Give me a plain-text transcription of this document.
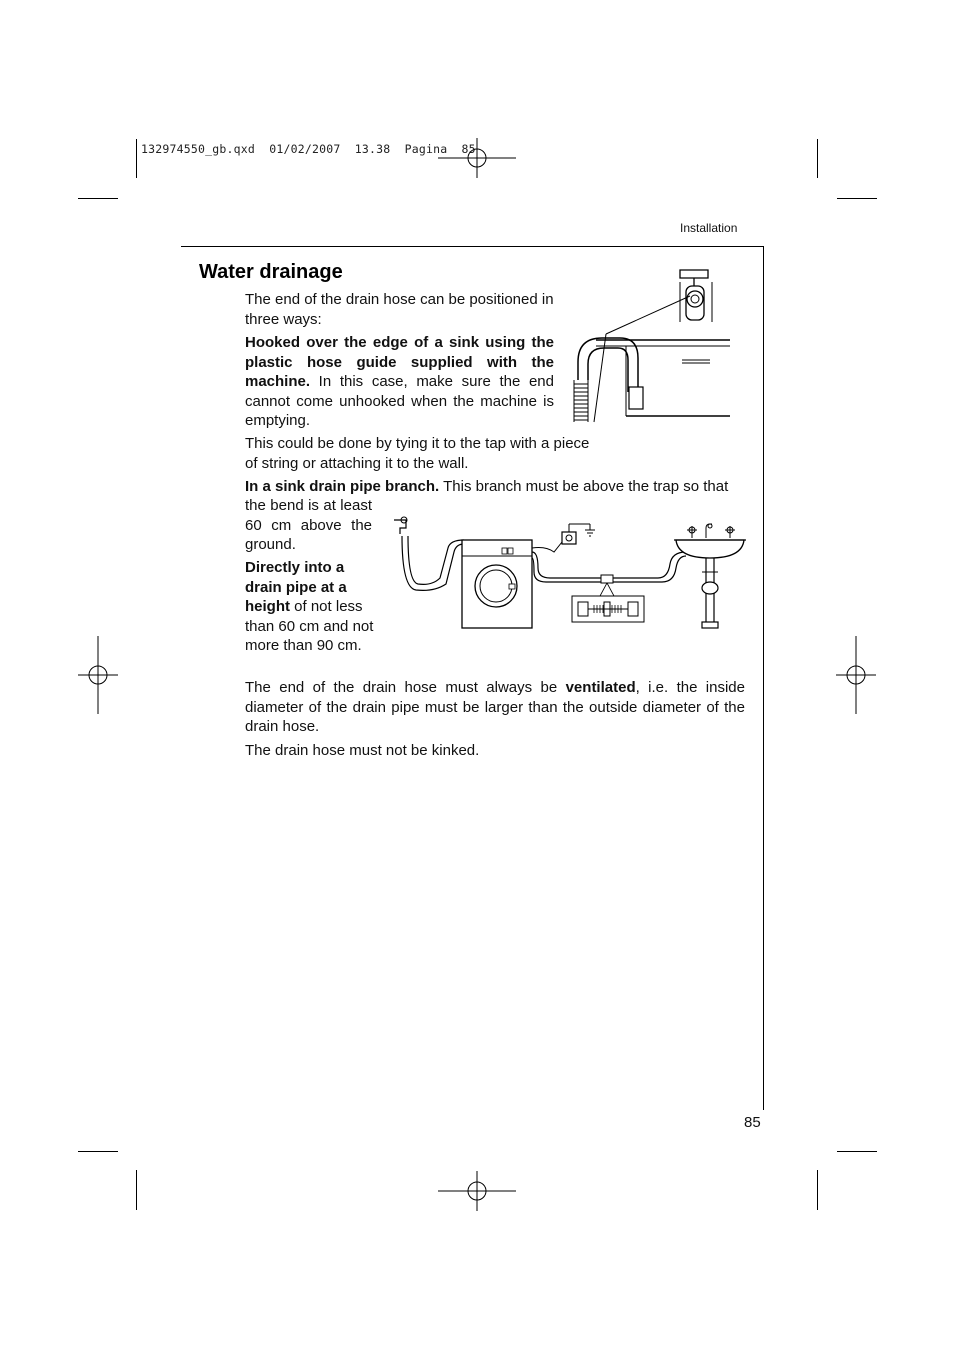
132974550_gb.qxd  01/02/2007  13.38  Pagina  85
Installation
Water drainage
The end of the drain hose can be positioned in three ways:
Hooked over the edge of a sink using the plastic hose guide supplied with the machine. In this case, make sure the end cannot come unhooked when the machine is emptying.
This could be done by tying it to the tap with a piece of string or attaching it to the wall.
In a sink drain pipe branch. This branch must be above the trap so that
the bend is at least 60 cm above the ground.
Directly into a drain pipe at a height of not less than 60 cm and not more than 90 cm.
The end of the drain hose must always be ventilated, i.e. the inside diameter of the drain pipe must be larger than the outside diameter of the drain hose.
The drain hose must not be kinked.
85
